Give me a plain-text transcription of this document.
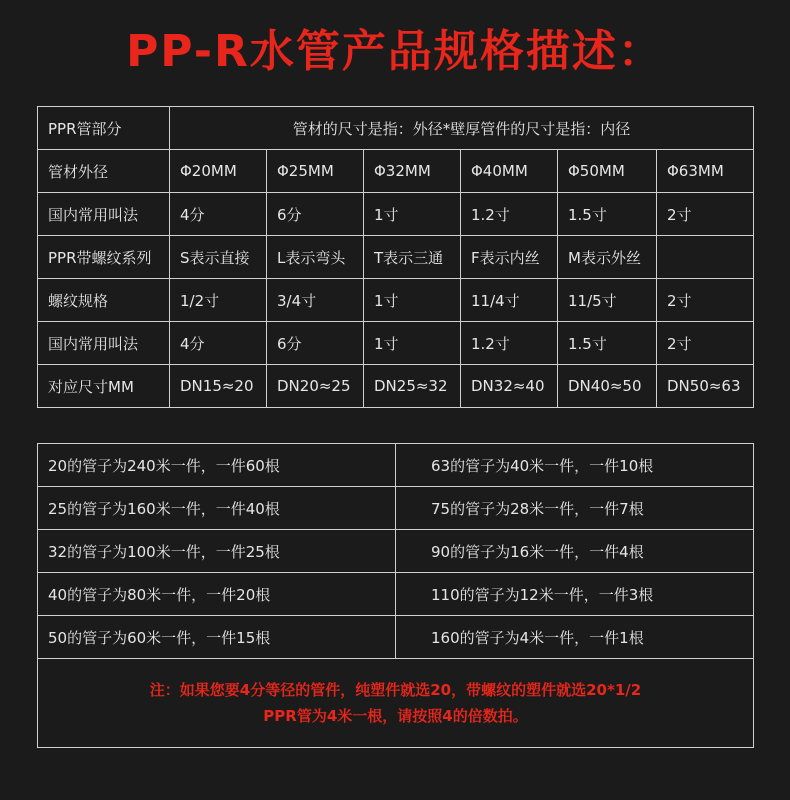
PP-R水管产品规格描述：
PPR管部分	管材的尺寸是指：外径*壁厚管件的尺寸是指：内径					
管材外径	Φ20MM	Φ25MM	Φ32MM	Φ40MM	Φ50MM	Φ63MM
国内常用叫法	4分	6分	1寸	1.2寸	1.5寸	2寸
PPR带螺纹系列	S表示直接	L表示弯头	T表示三通	F表示内丝	M表示外丝	
螺纹规格	1/2寸	3/4寸	1寸	11/4寸	11/5寸	2寸
国内常用叫法	4分	6分	1寸	1.2寸	1.5寸	2寸
对应尺寸MM	DN15≈20	DN20≈25	DN25≈32	DN32≈40	DN40≈50	DN50≈63
20的管子为240米一件，一件60根	63的管子为40米一件，一件10根
25的管子为160米一件，一件40根	75的管子为28米一件，一件7根
32的管子为100米一件，一件25根	90的管子为16米一件，一件4根
40的管子为80米一件，一件20根	110的管子为12米一件，一件3根
50的管子为60米一件，一件15根	160的管子为4米一件，一件1根

注：如果您要4分等径的管件，纯塑件就选20，带螺纹的塑件就选20*1/2
PPR管为4米一根，请按照4的倍数拍。	
